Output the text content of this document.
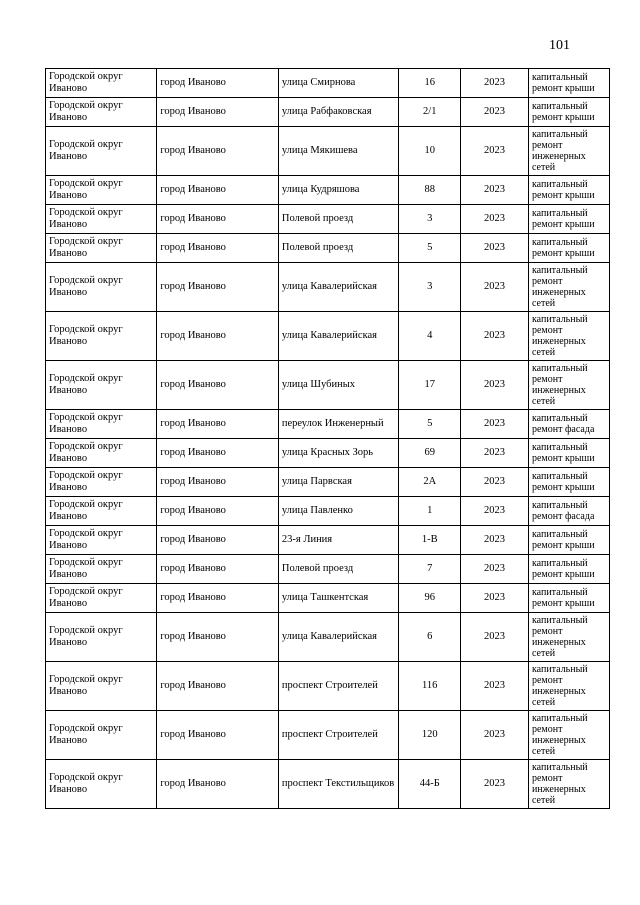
101
Городской округ Иваново	город Иваново	улица Смирнова	16	2023	капитальный ремонт крыши
Городской округ Иваново	город Иваново	улица Рабфаковская	2/1	2023	капитальный ремонт крыши
Городской округ Иваново	город Иваново	улица Мякишева	10	2023	капитальный ремонт инженерных сетей
Городской округ Иваново	город Иваново	улица Кудряшова	88	2023	капитальный ремонт крыши
Городской округ Иваново	город Иваново	Полевой проезд	3	2023	капитальный ремонт крыши
Городской округ Иваново	город Иваново	Полевой проезд	5	2023	капитальный ремонт крыши
Городской округ Иваново	город Иваново	улица Кавалерийская	3	2023	капитальный ремонт инженерных сетей
Городской округ Иваново	город Иваново	улица Кавалерийская	4	2023	капитальный ремонт инженерных сетей
Городской округ Иваново	город Иваново	улица Шубиных	17	2023	капитальный ремонт инженерных сетей
Городской округ Иваново	город Иваново	переулок Инженерный	5	2023	капитальный ремонт фасада
Городской округ Иваново	город Иваново	улица Красных Зорь	69	2023	капитальный ремонт крыши
Городской округ Иваново	город Иваново	улица Парвская	2А	2023	капитальный ремонт крыши
Городской округ Иваново	город Иваново	улица Павленко	1	2023	капитальный ремонт фасада
Городской округ Иваново	город Иваново	23-я Линия	1-В	2023	капитальный ремонт крыши
Городской округ Иваново	город Иваново	Полевой проезд	7	2023	капитальный ремонт крыши
Городской округ Иваново	город Иваново	улица Ташкентская	96	2023	капитальный ремонт крыши
Городской округ Иваново	город Иваново	улица Кавалерийская	6	2023	капитальный ремонт инженерных сетей
Городской округ Иваново	город Иваново	проспект Строителей	116	2023	капитальный ремонт инженерных сетей
Городской округ Иваново	город Иваново	проспект Строителей	120	2023	капитальный ремонт инженерных сетей
Городской округ Иваново	город Иваново	проспект Текстильщиков	44-Б	2023	капитальный ремонт инженерных сетей
